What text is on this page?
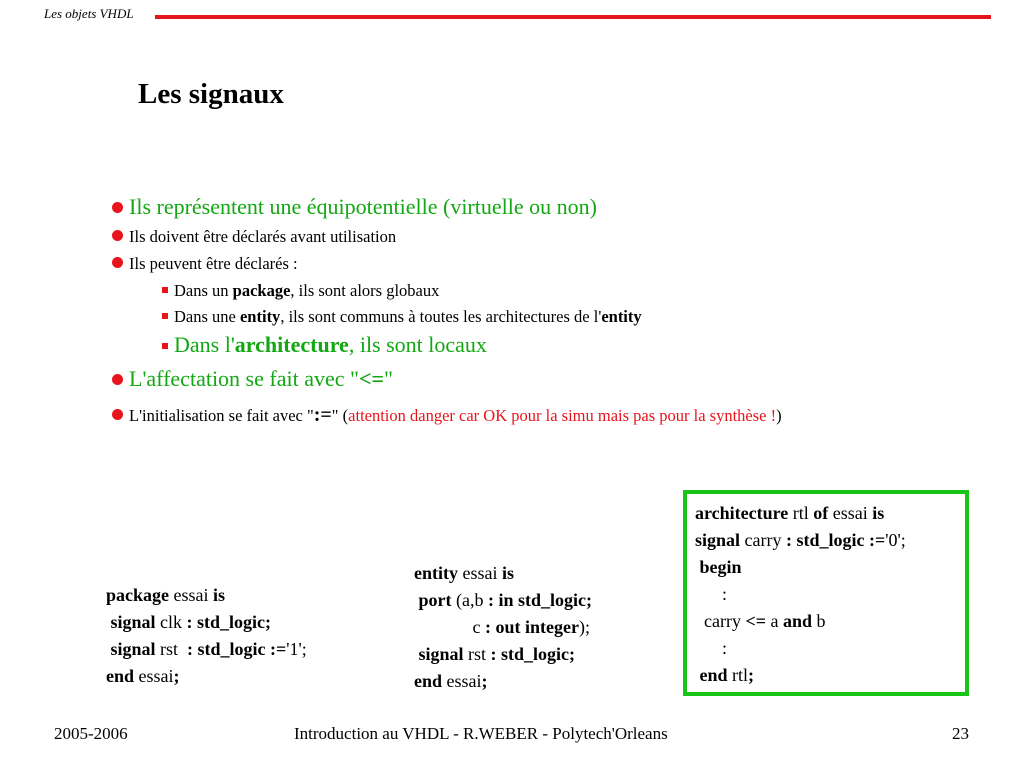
Les objets VHDL
Les signaux
Ils représentent une équipotentielle (virtuelle ou non)
Ils doivent être déclarés avant utilisation
Ils peuvent être déclarés :
Dans un package, ils sont alors globaux
Dans une entity, ils sont communs à toutes les architectures de l'entity
Dans l'architecture, ils sont locaux
L'affectation se fait avec "<="
L'initialisation se fait avec ":=" (attention danger car OK pour la simu mais pas pour la synthèse !)
package essai is
signal clk : std_logic;
signal rst  : std_logic :='1';
end essai;
entity essai is
port (a,b : in std_logic;
c : out integer);
signal rst : std_logic;
end essai;
architecture rtl of essai is
signal carry : std_logic :='0';
begin
:
carry <= a and b
:
end rtl;
2005-2006	Introduction au VHDL - R.WEBER - Polytech'Orleans	23
